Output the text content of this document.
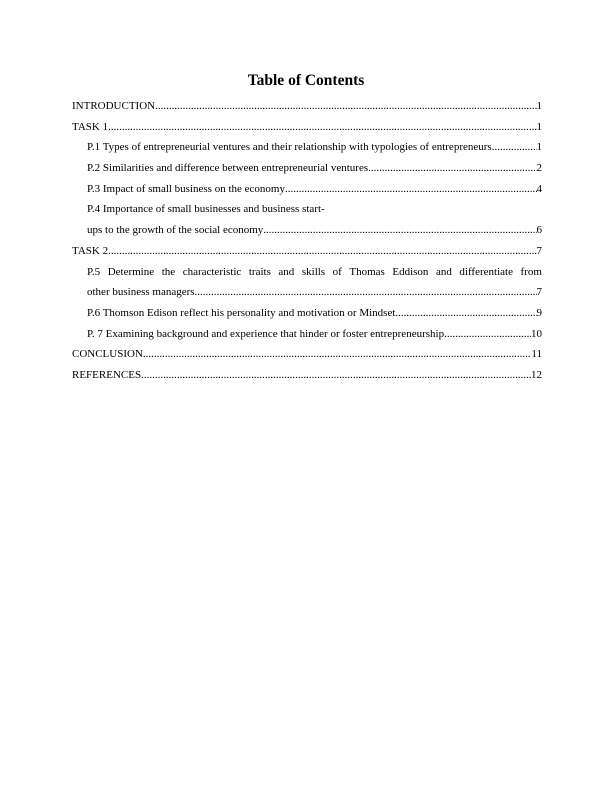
Table of Contents
INTRODUCTION .....	1
TASK 1 .....	1
P.1 Types of entrepreneurial ventures and their relationship with typologies of entrepreneurs. .....	1
P.2 Similarities and difference between entrepreneurial ventures .....	2
P.3 Impact of small business on the economy .....	4
P.4 Importance of small businesses and business start-
ups to the growth of the social economy .....	6
TASK 2 .....	7
P.5 Determine the characteristic traits and skills of Thomas Eddison and differentiate from
other business managers .....	7
P.6 Thomson Edison reflect his personality and motivation or Mindset .....	9
P. 7 Examining background and experience that hinder or foster entrepreneurship .....	10
CONCLUSION .....	11
REFERENCES .....	12
